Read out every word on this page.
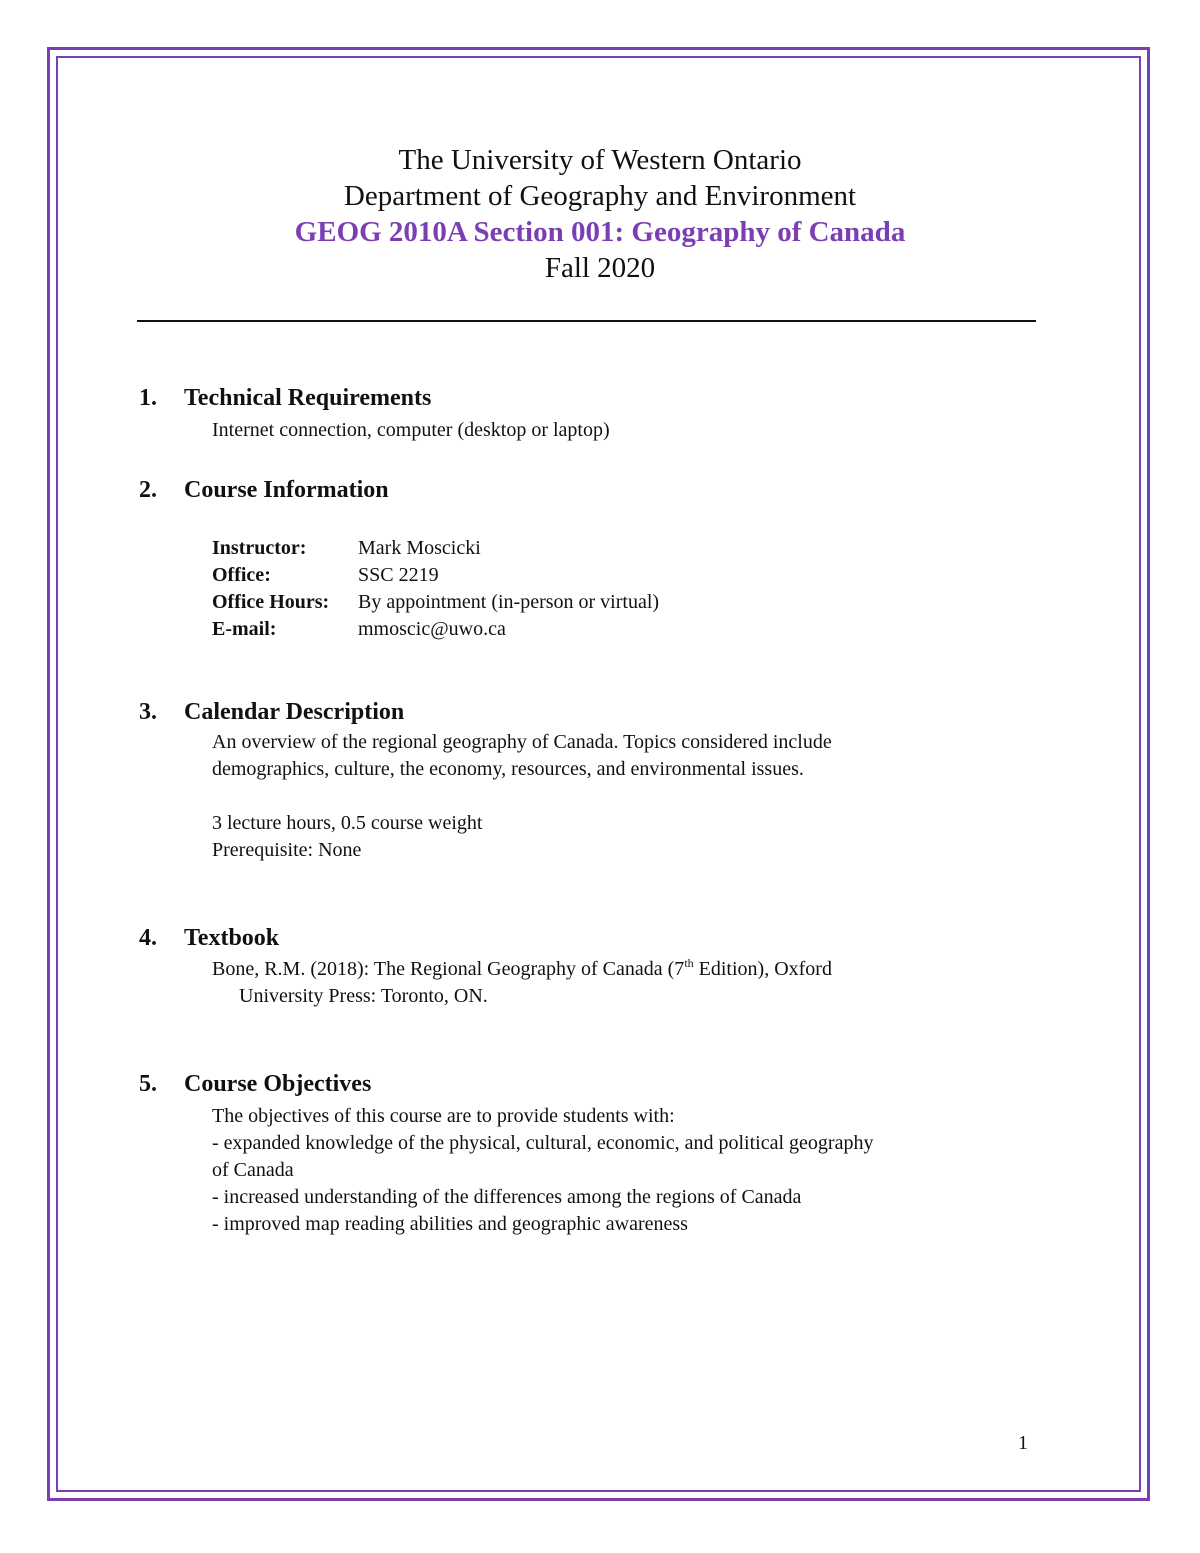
The University of Western Ontario
Department of Geography and Environment
GEOG 2010A Section 001: Geography of Canada
Fall 2020
1. Technical Requirements
Internet connection, computer (desktop or laptop)
2. Course Information
Instructor:	Mark Moscicki
Office:	SSC 2219
Office Hours: By appointment (in-person or virtual)
E-mail:	mmoscic@uwo.ca
3. Calendar Description
An overview of the regional geography of Canada. Topics considered include
demographics, culture, the economy, resources, and environmental issues.
3 lecture hours, 0.5 course weight
Prerequisite: None
4. Textbook
Bone, R.M. (2018): The Regional Geography of Canada (7th Edition), Oxford
University Press: Toronto, ON.
5. Course Objectives
The objectives of this course are to provide students with:
- expanded knowledge of the physical, cultural, economic, and political geography
of Canada
- increased understanding of the differences among the regions of Canada
- improved map reading abilities and geographic awareness
1
